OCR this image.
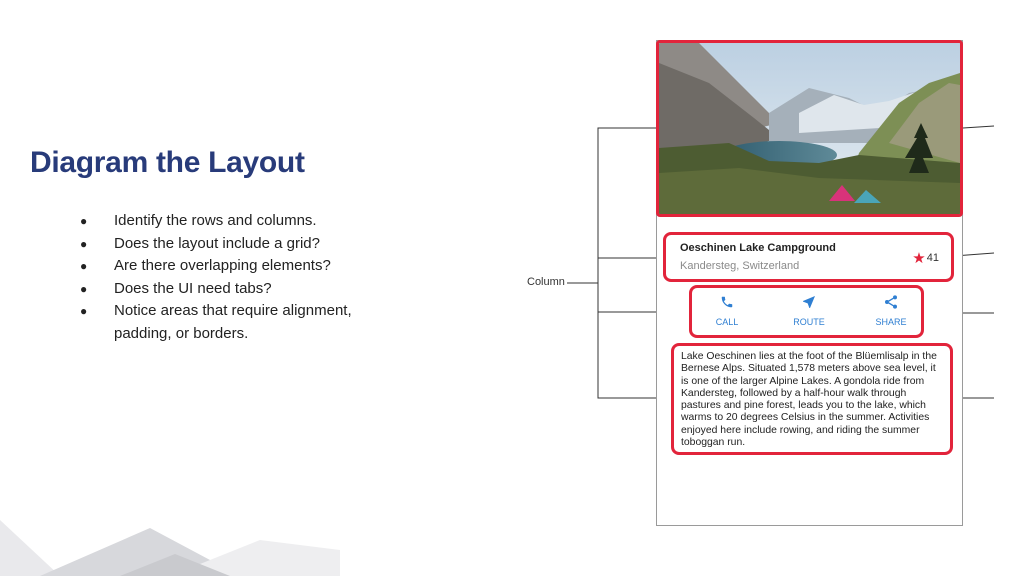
Diagram the Layout
● Identify the rows and columns.
● Does the layout include a grid?
● Are there overlapping elements?
● Does the UI need tabs?
● Notice areas that require alignment, padding, or borders.
Column
Oeschinen Lake Campground
Kandersteg, Switzerland	★41
CALL	ROUTE	SHARE
Lake Oeschinen lies at the foot of the Blüemlisalp in the Bernese Alps. Situated 1,578 meters above sea level, it is one of the larger Alpine Lakes. A gondola ride from Kandersteg, followed by a half-hour walk through pastures and pine forest, leads you to the lake, which warms to 20 degrees Celsius in the summer. Activities enjoyed here include rowing, and riding the summer toboggan run.
